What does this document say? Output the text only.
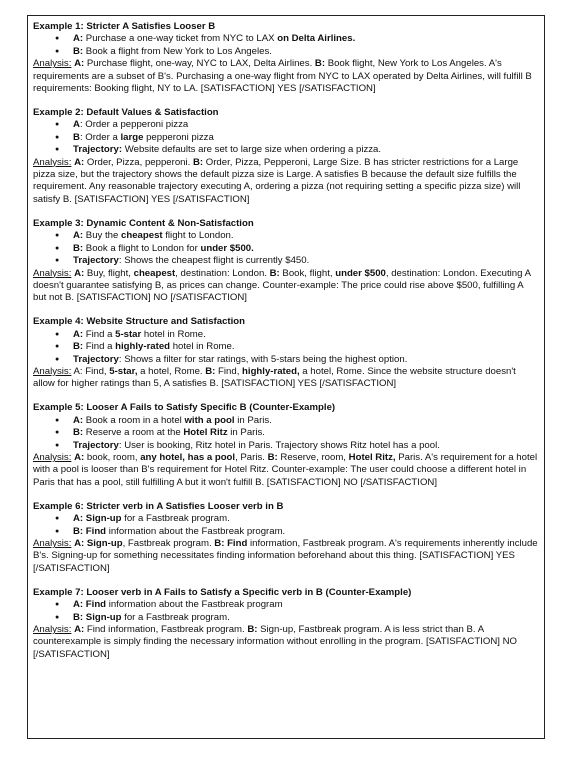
Example 1: Stricter A Satisfies Looser B
● A: Purchase a one-way ticket from NYC to LAX on Delta Airlines.
● B: Book a flight from New York to Los Angeles.
Analysis: A: Purchase flight, one-way, NYC to LAX, Delta Airlines. B: Book flight, New York to Los Angeles. A's requirements are a subset of B's. Purchasing a one-way flight from NYC to LAX operated by Delta Airlines, will fulfill B requirements: Booking flight, NY to LA. [SATISFACTION] YES [/SATISFACTION]
Example 2: Default Values & Satisfaction
● A: Order a pepperoni pizza
● B: Order a large pepperoni pizza
● Trajectory: Website defaults are set to large size when ordering a pizza.
Analysis: A: Order, Pizza, pepperoni. B: Order, Pizza, Pepperoni, Large Size. B has stricter restrictions for a Large pizza size, but the trajectory shows the default pizza size is Large. A satisfies B because the default size fulfills the requirement. Any reasonable trajectory executing A, ordering a pizza (not requiring setting a specific pizza size) will satisfy B. [SATISFACTION] YES [/SATISFACTION]
Example 3: Dynamic Content & Non-Satisfaction
● A: Buy the cheapest flight to London.
● B: Book a flight to London for under $500.
● Trajectory: Shows the cheapest flight is currently $450.
Analysis: A: Buy, flight, cheapest, destination: London. B: Book, flight, under $500, destination: London. Executing A doesn't guarantee satisfying B, as prices can change. Counter-example: The price could rise above $500, fulfilling A but not B. [SATISFACTION] NO [/SATISFACTION]
Example 4: Website Structure and Satisfaction
● A: Find a 5-star hotel in Rome.
● B: Find a highly-rated hotel in Rome.
● Trajectory: Shows a filter for star ratings, with 5-stars being the highest option.
Analysis: A: Find, 5-star, a hotel, Rome. B: Find, highly-rated, a hotel, Rome. Since the website structure doesn't allow for higher ratings than 5, A satisfies B. [SATISFACTION] YES [/SATISFACTION]
Example 5: Looser A Fails to Satisfy Specific B (Counter-Example)
● A: Book a room in a hotel with a pool in Paris.
● B: Reserve a room at the Hotel Ritz in Paris.
● Trajectory: User is booking, Ritz hotel in Paris. Trajectory shows Ritz hotel has a pool.
Analysis: A: book, room, any hotel, has a pool, Paris. B: Reserve, room, Hotel Ritz, Paris. A's requirement for a hotel with a pool is looser than B's requirement for Hotel Ritz. Counter-example: The user could choose a different hotel in Paris that has a pool, still fulfilling A but it won't fulfill B. [SATISFACTION] NO [/SATISFACTION]
Example 6: Stricter verb in A Satisfies Looser verb in B
● A: Sign-up for a Fastbreak program.
● B: Find information about the Fastbreak program.
Analysis: A: Sign-up, Fastbreak program. B: Find information, Fastbreak program. A's requirements inherently include B's. Signing-up for something necessitates finding information beforehand about this thing. [SATISFACTION] YES [/SATISFACTION]
Example 7: Looser verb in A Fails to Satisfy a Specific verb in B (Counter-Example)
● A: Find information about the Fastbreak program
● B: Sign-up for a Fastbreak program.
Analysis: A: Find information, Fastbreak program. B: Sign-up, Fastbreak program. A is less strict than B. A counterexample is simply finding the necessary information without enrolling in the program. [SATISFACTION] NO [/SATISFACTION]
